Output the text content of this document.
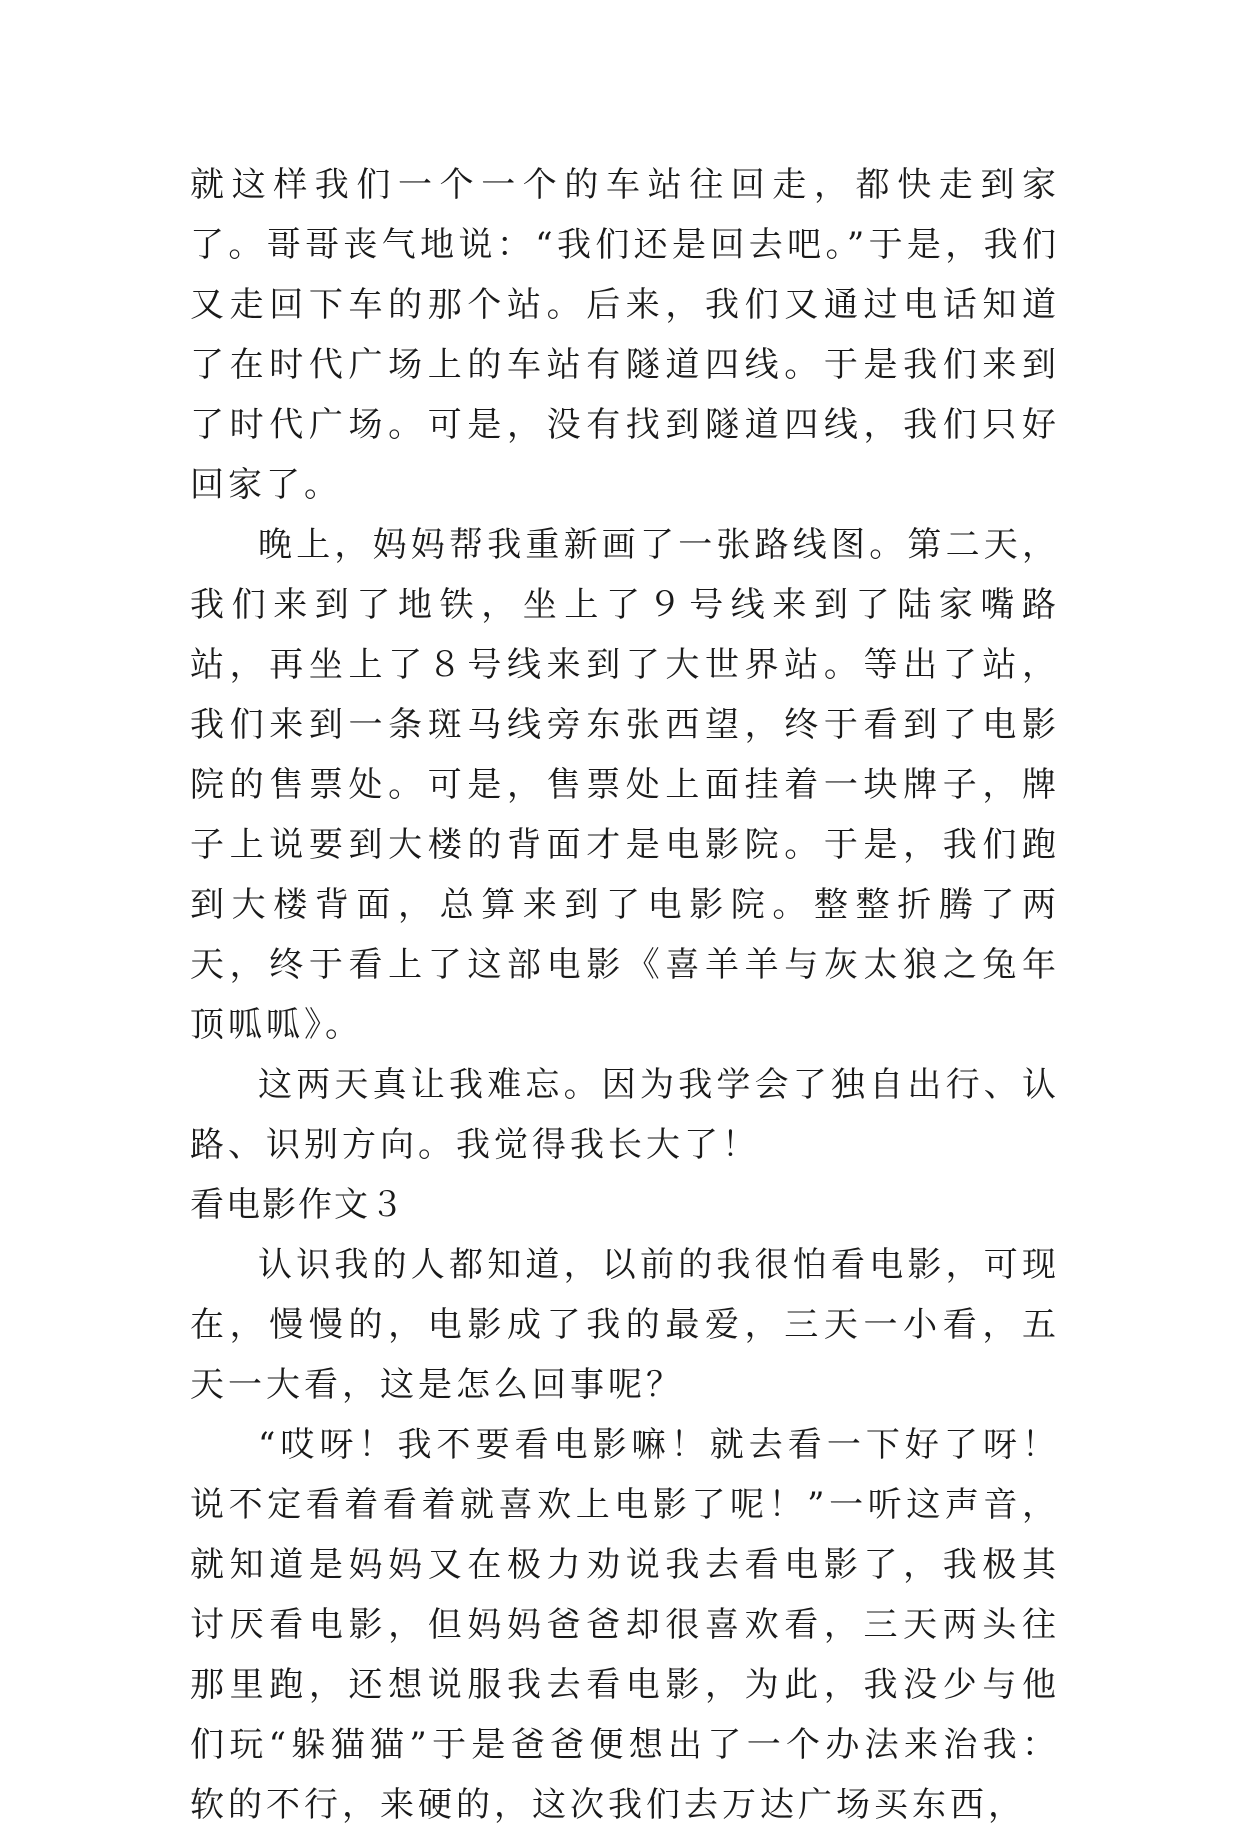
就这样我们一个一个的车站往回走，都快走到家了。哥哥丧气地说：“我们还是回去吧。”于是，我们又走回下车的那个站。后来，我们又通过电话知道了在时代广场上的车站有隧道四线。于是我们来到了时代广场。可是，没有找到隧道四线，我们只好回家了。

晚上，妈妈帮我重新画了一张路线图。第二天，我们来到了地铁，坐上了９号线来到了陆家嘴路站，再坐上了８号线来到了大世界站。等出了站，我们来到一条斑马线旁东张西望，终于看到了电影院的售票处。可是，售票处上面挂着一块牌子，牌子上说要到大楼的背面才是电影院。于是，我们跑到大楼背面，总算来到了电影院。整整折腾了两天，终于看上了这部电影《喜羊羊与灰太狼之兔年顶呱呱》。

这两天真让我难忘。因为我学会了独自出行、认路、识别方向。我觉得我长大了！

看电影作文３

认识我的人都知道，以前的我很怕看电影，可现在，慢慢的，电影成了我的最爱，三天一小看，五天一大看，这是怎么回事呢？

“哎呀！我不要看电影嘛！就去看一下好了呀！说不定看着看着就喜欢上电影了呢！”一听这声音，就知道是妈妈又在极力劝说我去看电影了，我极其讨厌看电影，但妈妈爸爸却很喜欢看，三天两头往那里跑，还想说服我去看电影，为此，我没少与他们玩“躲猫猫”于是爸爸便想出了一个办法来治我：软的不行，来硬的，这次我们去万达广场买东西，
